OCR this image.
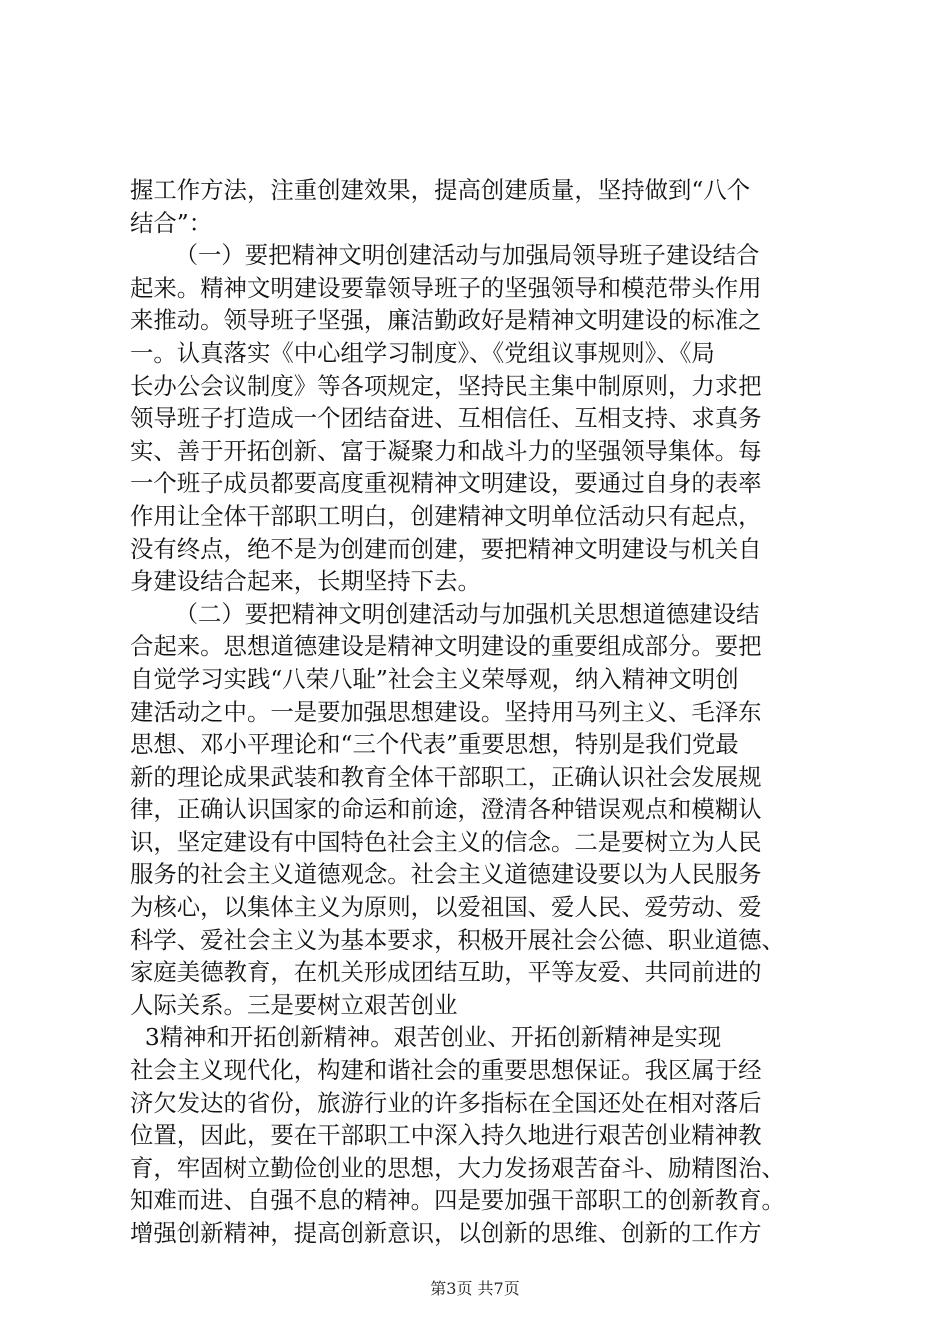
握工作方法，注重创建效果，提高创建质量，坚持做到“八个
结合”：
（一）要把精神文明创建活动与加强局领导班子建设结合
起来。精神文明建设要靠领导班子的坚强领导和模范带头作用
来推动。领导班子坚强，廉洁勤政好是精神文明建设的标准之
一。认真落实《中心组学习制度》、《党组议事规则》、《局
长办公会议制度》等各项规定，坚持民主集中制原则，力求把
领导班子打造成一个团结奋进、互相信任、互相支持、求真务
实、善于开拓创新、富于凝聚力和战斗力的坚强领导集体。每
一个班子成员都要高度重视精神文明建设，要通过自身的表率
作用让全体干部职工明白，创建精神文明单位活动只有起点，
没有终点，绝不是为创建而创建，要把精神文明建设与机关自
身建设结合起来，长期坚持下去。
（二）要把精神文明创建活动与加强机关思想道德建设结
合起来。思想道德建设是精神文明建设的重要组成部分。要把
自觉学习实践“八荣八耻”社会主义荣辱观，纳入精神文明创
建活动之中。一是要加强思想建设。坚持用马列主义、毛泽东
思想、邓小平理论和“三个代表”重要思想，特别是我们党最
新的理论成果武装和教育全体干部职工，正确认识社会发展规
律，正确认识国家的命运和前途，澄清各种错误观点和模糊认
识，坚定建设有中国特色社会主义的信念。二是要树立为人民
服务的社会主义道德观念。社会主义道德建设要以为人民服务
为核心，以集体主义为原则，以爱祖国、爱人民、爱劳动、爱
科学、爱社会主义为基本要求，积极开展社会公德、职业道德、
家庭美德教育，在机关形成团结互助，平等友爱、共同前进的
人际关系。三是要树立艰苦创业
3精神和开拓创新精神。艰苦创业、开拓创新精神是实现
社会主义现代化，构建和谐社会的重要思想保证。我区属于经
济欠发达的省份，旅游行业的许多指标在全国还处在相对落后
位置，因此，要在干部职工中深入持久地进行艰苦创业精神教
育，牢固树立勤俭创业的思想，大力发扬艰苦奋斗、励精图治、
知难而进、自强不息的精神。四是要加强干部职工的创新教育。
增强创新精神，提高创新意识，以创新的思维、创新的工作方
第3页 共7页
